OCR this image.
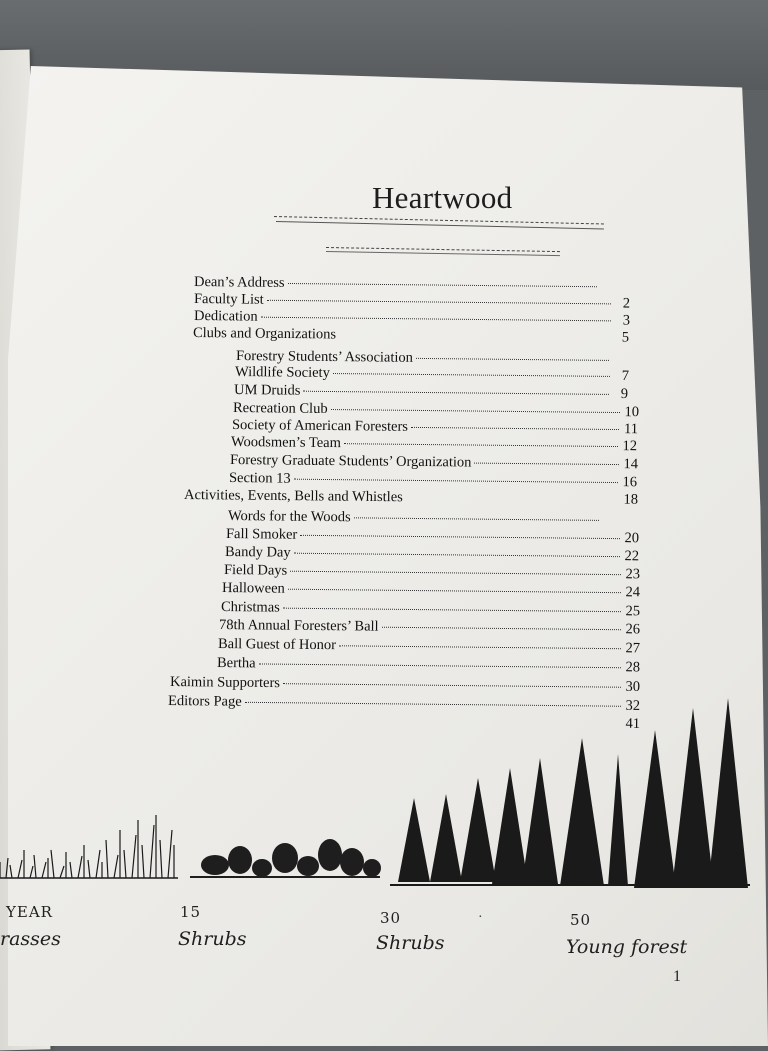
Heartwood
Dean’s Address
Faculty List	2
Dedication	3
Clubs and Organizations	5
Forestry Students’ Association
Wildlife Society	7
UM Druids	9
Recreation Club	10
Society of American Foresters	11
Woodsmen’s Team	12
Forestry Graduate Students’ Organization	14
Section 13	16
Activities, Events, Bells and Whistles	18
Words for the Woods
Fall Smoker	20
Bandy Day	22
Field Days	23
Halloween	24
Christmas	25
78th Annual Foresters’ Ball	26
Ball Guest of Honor	27
Bertha	28
Kaimin Supporters	30
Editors Page	32
41
YEAR
rasses
15
Shrubs
30
Shrubs
·	50
Young forest
1
